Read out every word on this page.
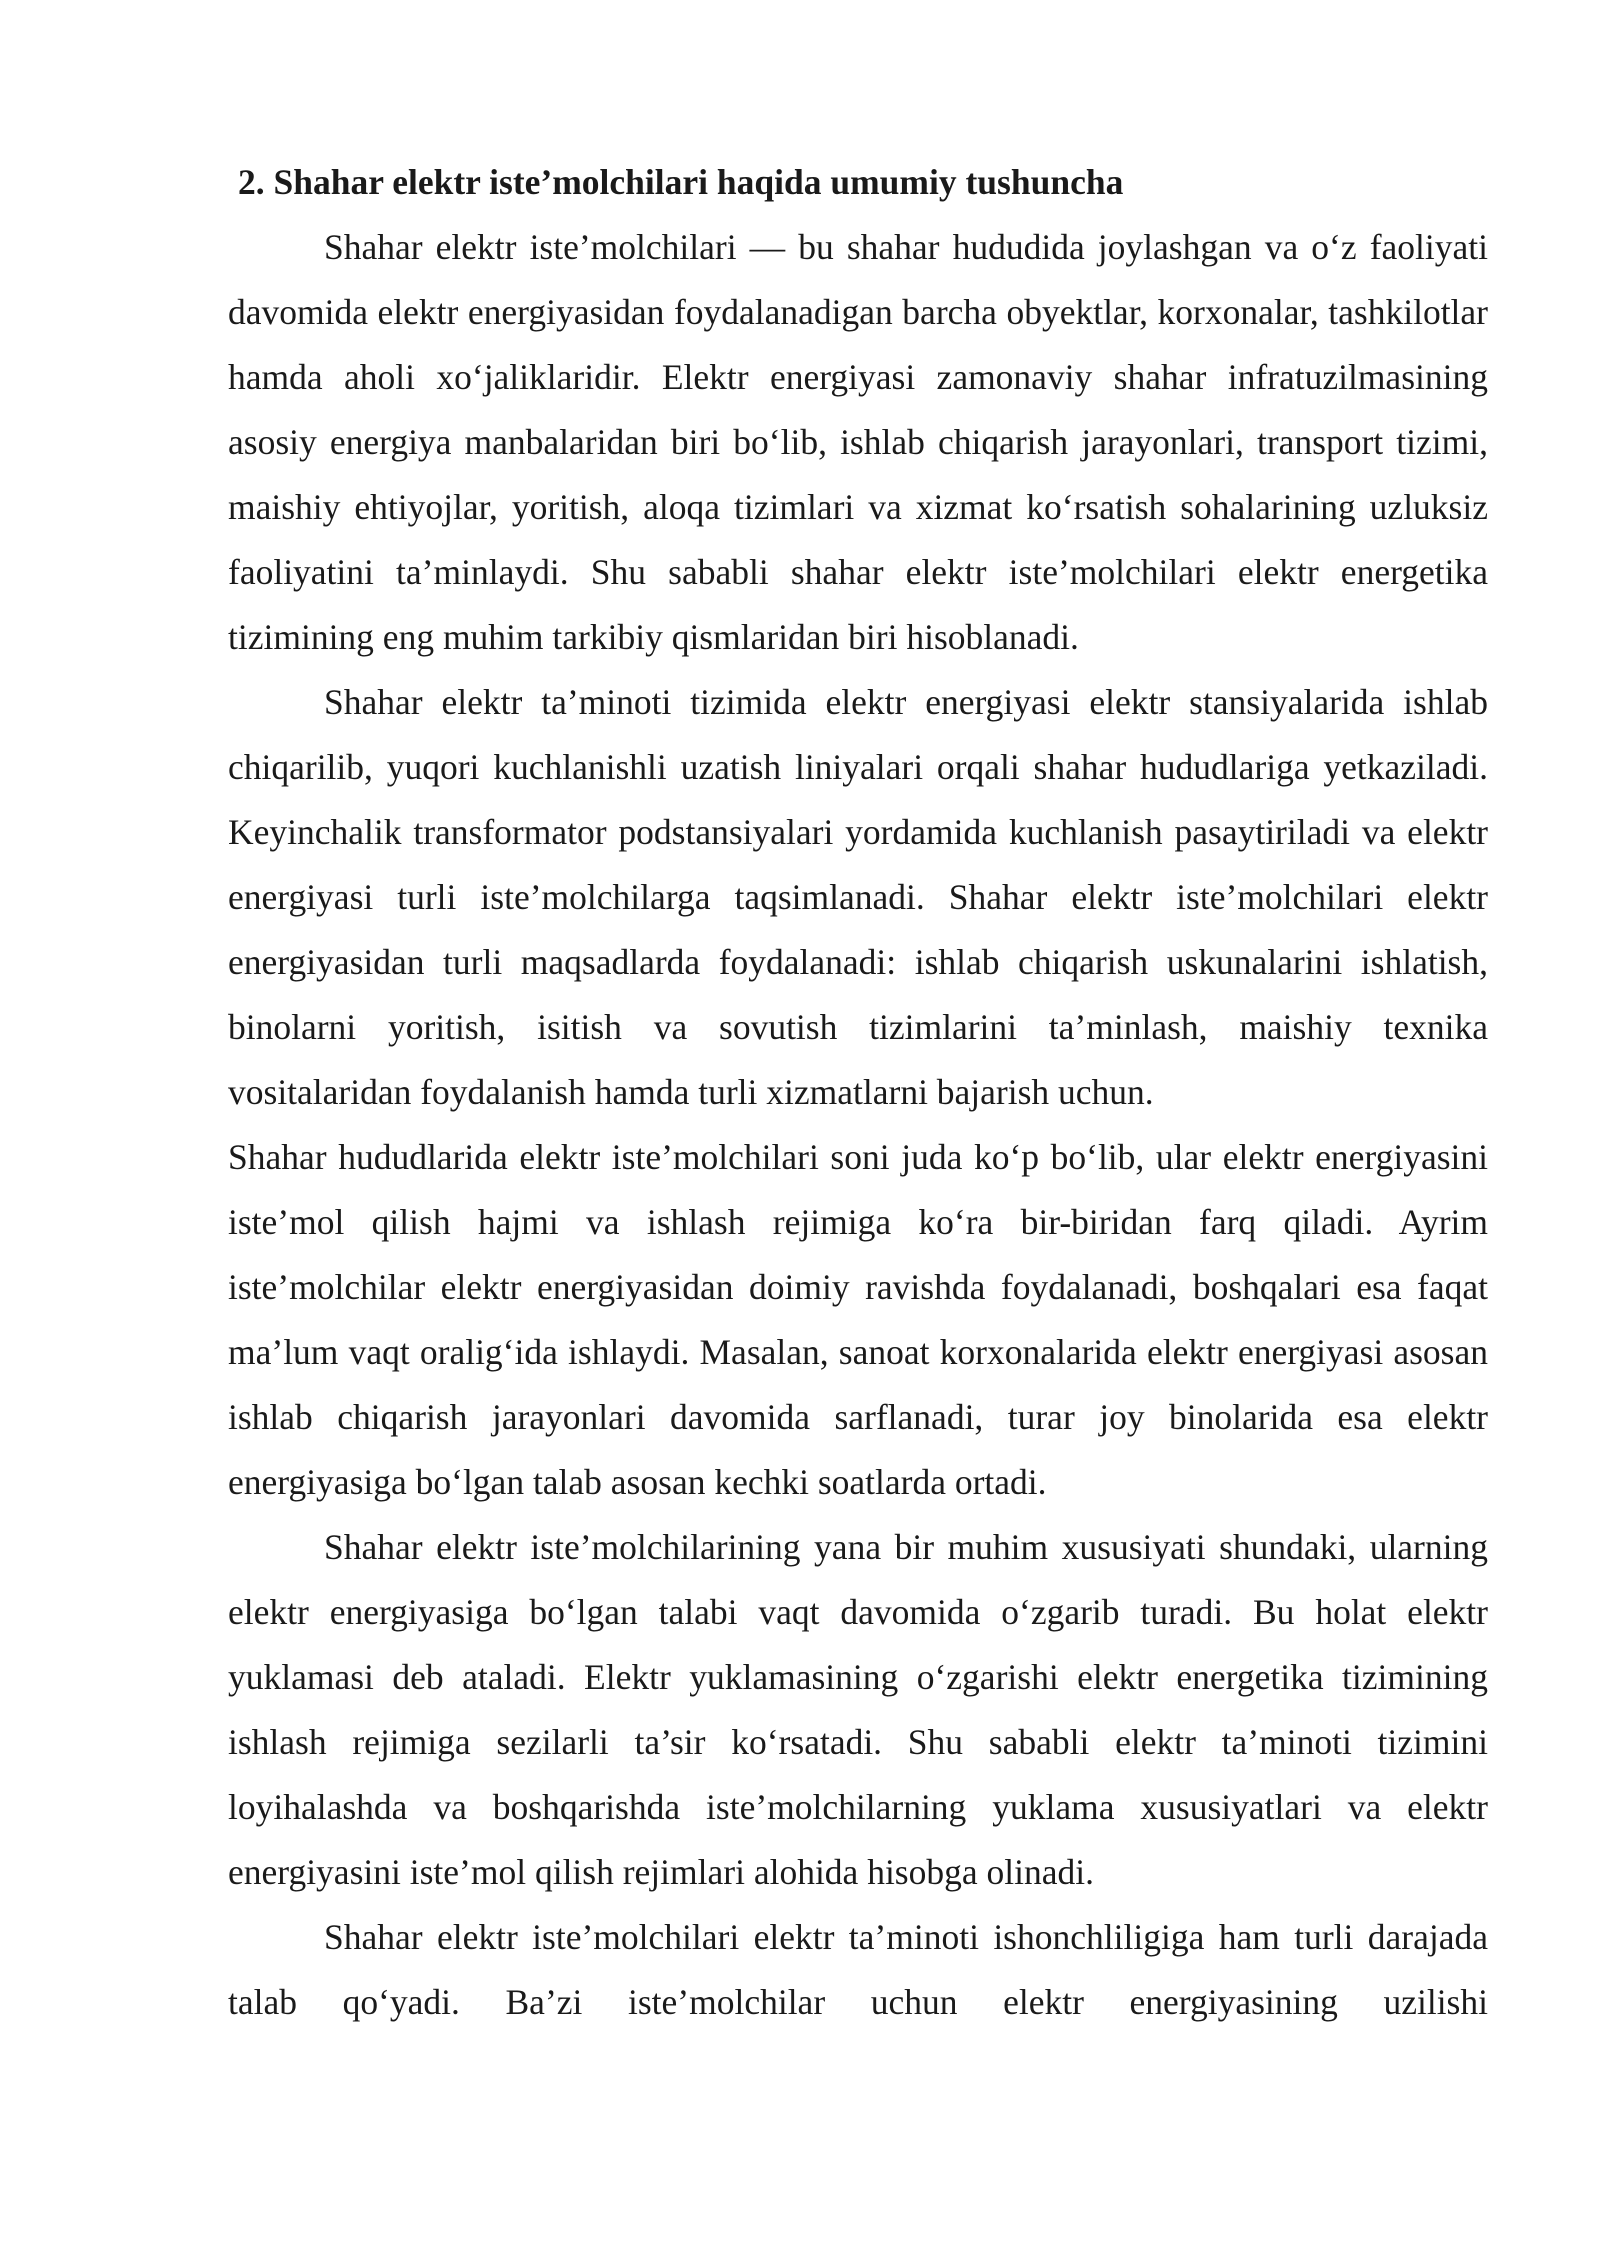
2. Shahar elektr iste’molchilari haqida umumiy tushuncha

Shahar elektr iste’molchilari — bu shahar hududida joylashgan va o‘z faoliyati davomida elektr energiyasidan foydalanadigan barcha obyektlar, korxonalar, tashkilotlar hamda aholi xo‘jaliklaridir. Elektr energiyasi zamonaviy shahar infratuzilmasining asosiy energiya manbalaridan biri bo‘lib, ishlab chiqarish jarayonlari, transport tizimi, maishiy ehtiyojlar, yoritish, aloqa tizimlari va xizmat ko‘rsatish sohalarining uzluksiz faoliyatini ta’minlaydi. Shu sababli shahar elektr iste’molchilari elektr energetika tizimining eng muhim tarkibiy qismlaridan biri hisoblanadi.

Shahar elektr ta’minoti tizimida elektr energiyasi elektr stansiyalarida ishlab chiqarilib, yuqori kuchlanishli uzatish liniyalari orqali shahar hududlariga yetkaziladi. Keyinchalik transformator podstansiyalari yordamida kuchlanish pasaytiriladi va elektr energiyasi turli iste’molchilarga taqsimlanadi. Shahar elektr iste’molchilari elektr energiyasidan turli maqsadlarda foydalanadi: ishlab chiqarish uskunalarini ishlatish, binolarni yoritish, isitish va sovutish tizimlarini ta’minlash, maishiy texnika vositalaridan foydalanish hamda turli xizmatlarni bajarish uchun.

Shahar hududlarida elektr iste’molchilari soni juda ko‘p bo‘lib, ular elektr energiyasini iste’mol qilish hajmi va ishlash rejimiga ko‘ra bir-biridan farq qiladi. Ayrim iste’molchilar elektr energiyasidan doimiy ravishda foydalanadi, boshqalari esa faqat ma’lum vaqt oralig‘ida ishlaydi. Masalan, sanoat korxonalarida elektr energiyasi asosan ishlab chiqarish jarayonlari davomida sarflanadi, turar joy binolarida esa elektr energiyasiga bo‘lgan talab asosan kechki soatlarda ortadi.

Shahar elektr iste’molchilarining yana bir muhim xususiyati shundaki, ularning elektr energiyasiga bo‘lgan talabi vaqt davomida o‘zgarib turadi. Bu holat elektr yuklamasi deb ataladi. Elektr yuklamasining o‘zgarishi elektr energetika tizimining ishlash rejimiga sezilarli ta’sir ko‘rsatadi. Shu sababli elektr ta’minoti tizimini loyihalashda va boshqarishda iste’molchilarning yuklama xususiyatlari va elektr energiyasini iste’mol qilish rejimlari alohida hisobga olinadi.

Shahar elektr iste’molchilari elektr ta’minoti ishonchliligiga ham turli darajada talab qo‘yadi. Ba’zi iste’molchilar uchun elektr energiyasining uzilishi
